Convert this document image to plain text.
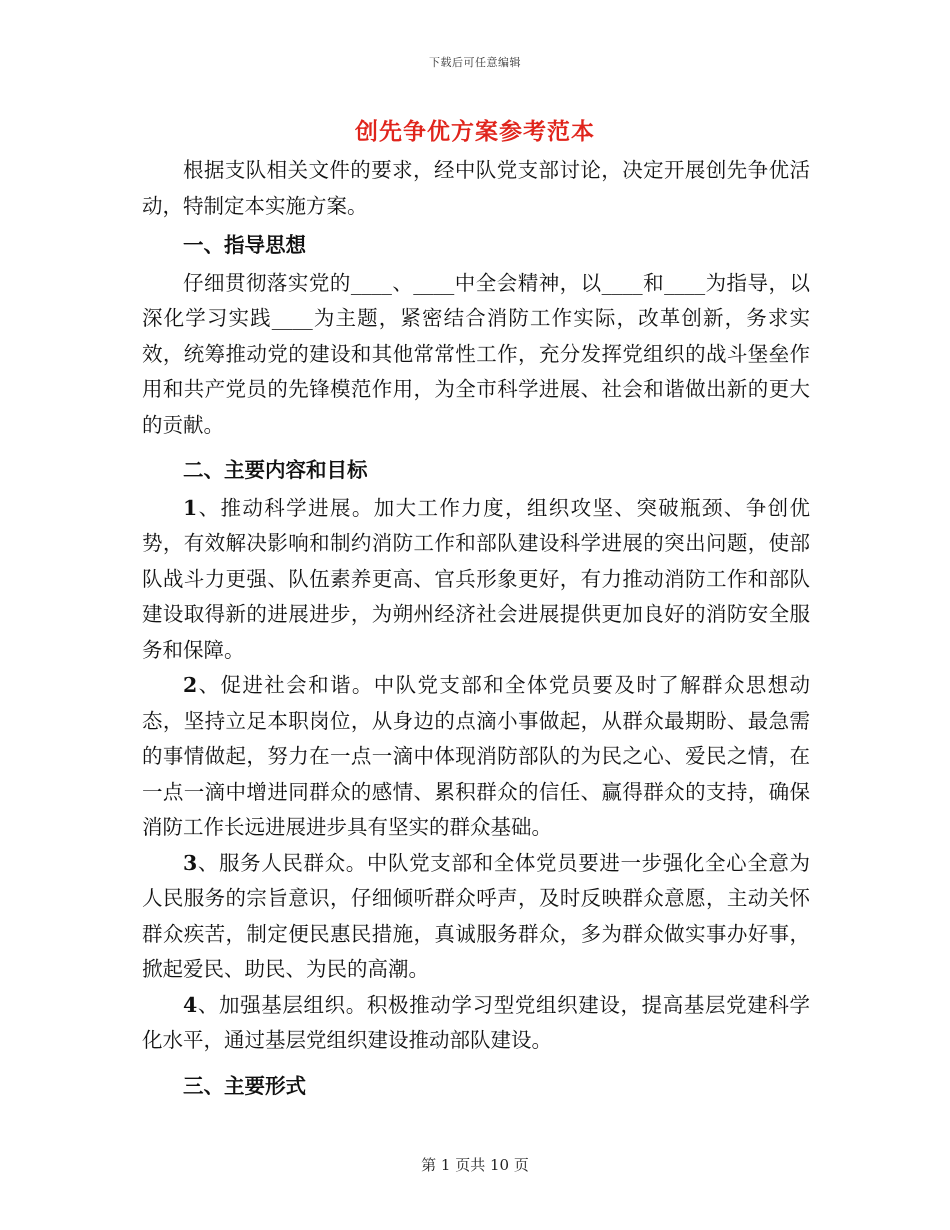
下载后可任意编辑
创先争优方案参考范本

根据支队相关文件的要求，经中队党支部讨论，决定开展创先争优活动，特制定本实施方案。

一、指导思想

仔细贯彻落实党的____、____中全会精神，以____和____为指导，以深化学习实践____为主题，紧密结合消防工作实际，改革创新，务求实效，统筹推动党的建设和其他常常性工作，充分发挥党组织的战斗堡垒作用和共产党员的先锋模范作用，为全市科学进展、社会和谐做出新的更大的贡献。

二、主要内容和目标

1、推动科学进展。加大工作力度，组织攻坚、突破瓶颈、争创优势，有效解决影响和制约消防工作和部队建设科学进展的突出问题，使部队战斗力更强、队伍素养更高、官兵形象更好，有力推动消防工作和部队建设取得新的进展进步，为朔州经济社会进展提供更加良好的消防安全服务和保障。

2、促进社会和谐。中队党支部和全体党员要及时了解群众思想动态，坚持立足本职岗位，从身边的点滴小事做起，从群众最期盼、最急需的事情做起，努力在一点一滴中体现消防部队的为民之心、爱民之情，在一点一滴中增进同群众的感情、累积群众的信任、赢得群众的支持，确保消防工作长远进展进步具有坚实的群众基础。

3、服务人民群众。中队党支部和全体党员要进一步强化全心全意为人民服务的宗旨意识，仔细倾听群众呼声，及时反映群众意愿，主动关怀群众疾苦，制定便民惠民措施，真诚服务群众，多为群众做实事办好事，掀起爱民、助民、为民的高潮。

4、加强基层组织。积极推动学习型党组织建设，提高基层党建科学化水平，通过基层党组织建设推动部队建设。

三、主要形式

第 1 页共 10 页
